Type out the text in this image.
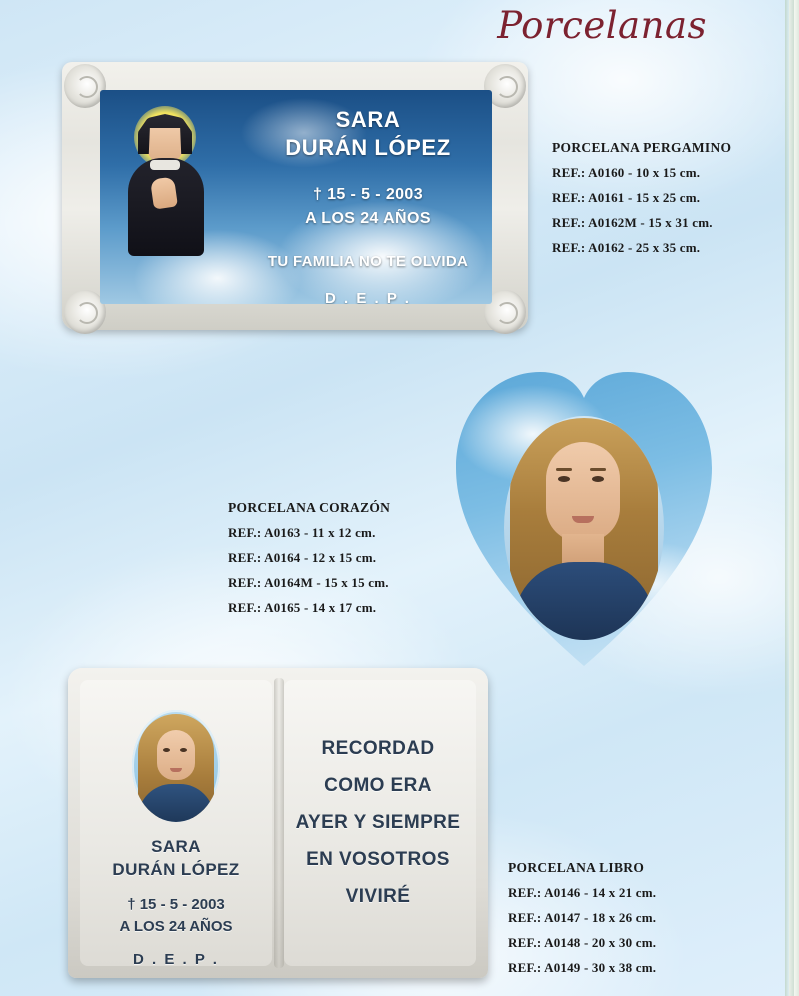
Porcelanas
SARA
DURÁN LÓPEZ
† 15 - 5 - 2003
A LOS 24 AÑOS
TU FAMILIA NO TE OLVIDA
D . E . P .
PORCELANA PERGAMINO
REF.: A0160 - 10 x 15 cm.
REF.: A0161 - 15 x 25 cm.
REF.: A0162M - 15 x 31 cm.
REF.: A0162 - 25 x 35 cm.
PORCELANA CORAZÓN
REF.: A0163 - 11 x 12 cm.
REF.: A0164 - 12 x 15 cm.
REF.: A0164M - 15 x 15 cm.
REF.: A0165 - 14 x 17 cm.
SARA
DURÁN LÓPEZ
† 15 - 5 - 2003
A LOS 24 AÑOS
D . E . P .
RECORDAD
COMO ERA
AYER Y SIEMPRE
EN VOSOTROS
VIVIRÉ
PORCELANA LIBRO
REF.: A0146 - 14 x 21 cm.
REF.: A0147 - 18 x 26 cm.
REF.: A0148 - 20 x 30 cm.
REF.: A0149 - 30 x 38 cm.
